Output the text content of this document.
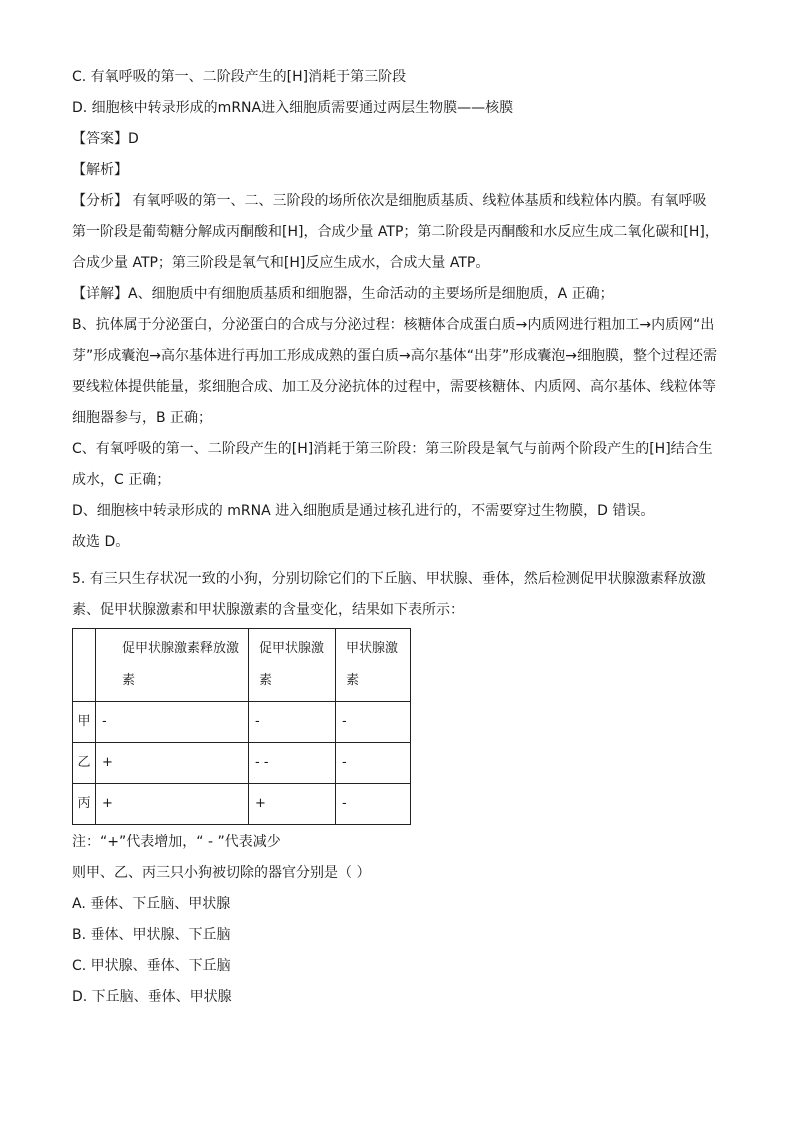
C. 有氧呼吸的第一、二阶段产生的[H]消耗于第三阶段
D. 细胞核中转录形成的mRNA进入细胞质需要通过两层生物膜——核膜
【答案】D
【解析】
【分析】 有氧呼吸的第一、二、三阶段的场所依次是细胞质基质、线粒体基质和线粒体内膜。有氧呼吸
第一阶段是葡萄糖分解成丙酮酸和[H]，合成少量 ATP；第二阶段是丙酮酸和水反应生成二氧化碳和[H]，
合成少量 ATP；第三阶段是氧气和[H]反应生成水，合成大量 ATP。
【详解】A、细胞质中有细胞质基质和细胞器，生命活动的主要场所是细胞质，A 正确；
B、抗体属于分泌蛋白，分泌蛋白的合成与分泌过程：核糖体合成蛋白质→内质网进行粗加工→内质网“出
芽”形成囊泡→高尔基体进行再加工形成成熟的蛋白质→高尔基体“出芽”形成囊泡→细胞膜，整个过程还需
要线粒体提供能量，浆细胞合成、加工及分泌抗体的过程中，需要核糖体、内质网、高尔基体、线粒体等
细胞器参与，B 正确；
C、有氧呼吸的第一、二阶段产生的[H]消耗于第三阶段：第三阶段是氧气与前两个阶段产生的[H]结合生
成水，C 正确；
D、细胞核中转录形成的 mRNA 进入细胞质是通过核孔进行的，不需要穿过生物膜，D 错误。
故选 D。
5. 有三只生存状况一致的小狗，分别切除它们的下丘脑、甲状腺、垂体，然后检测促甲状腺激素释放激
素、促甲状腺激素和甲状腺激素的含量变化，结果如下表所示：

	促甲状腺激素释放激素	促甲状腺激素	甲状腺激素

甲	-	-	-
乙	+	- -	-
丙	+	+	-
注：“+”代表增加，“ - ”代表减少
则甲、乙、丙三只小狗被切除的器官分别是（ ）
A. 垂体、下丘脑、甲状腺
B. 垂体、甲状腺、下丘脑
C. 甲状腺、垂体、下丘脑
D. 下丘脑、垂体、甲状腺
